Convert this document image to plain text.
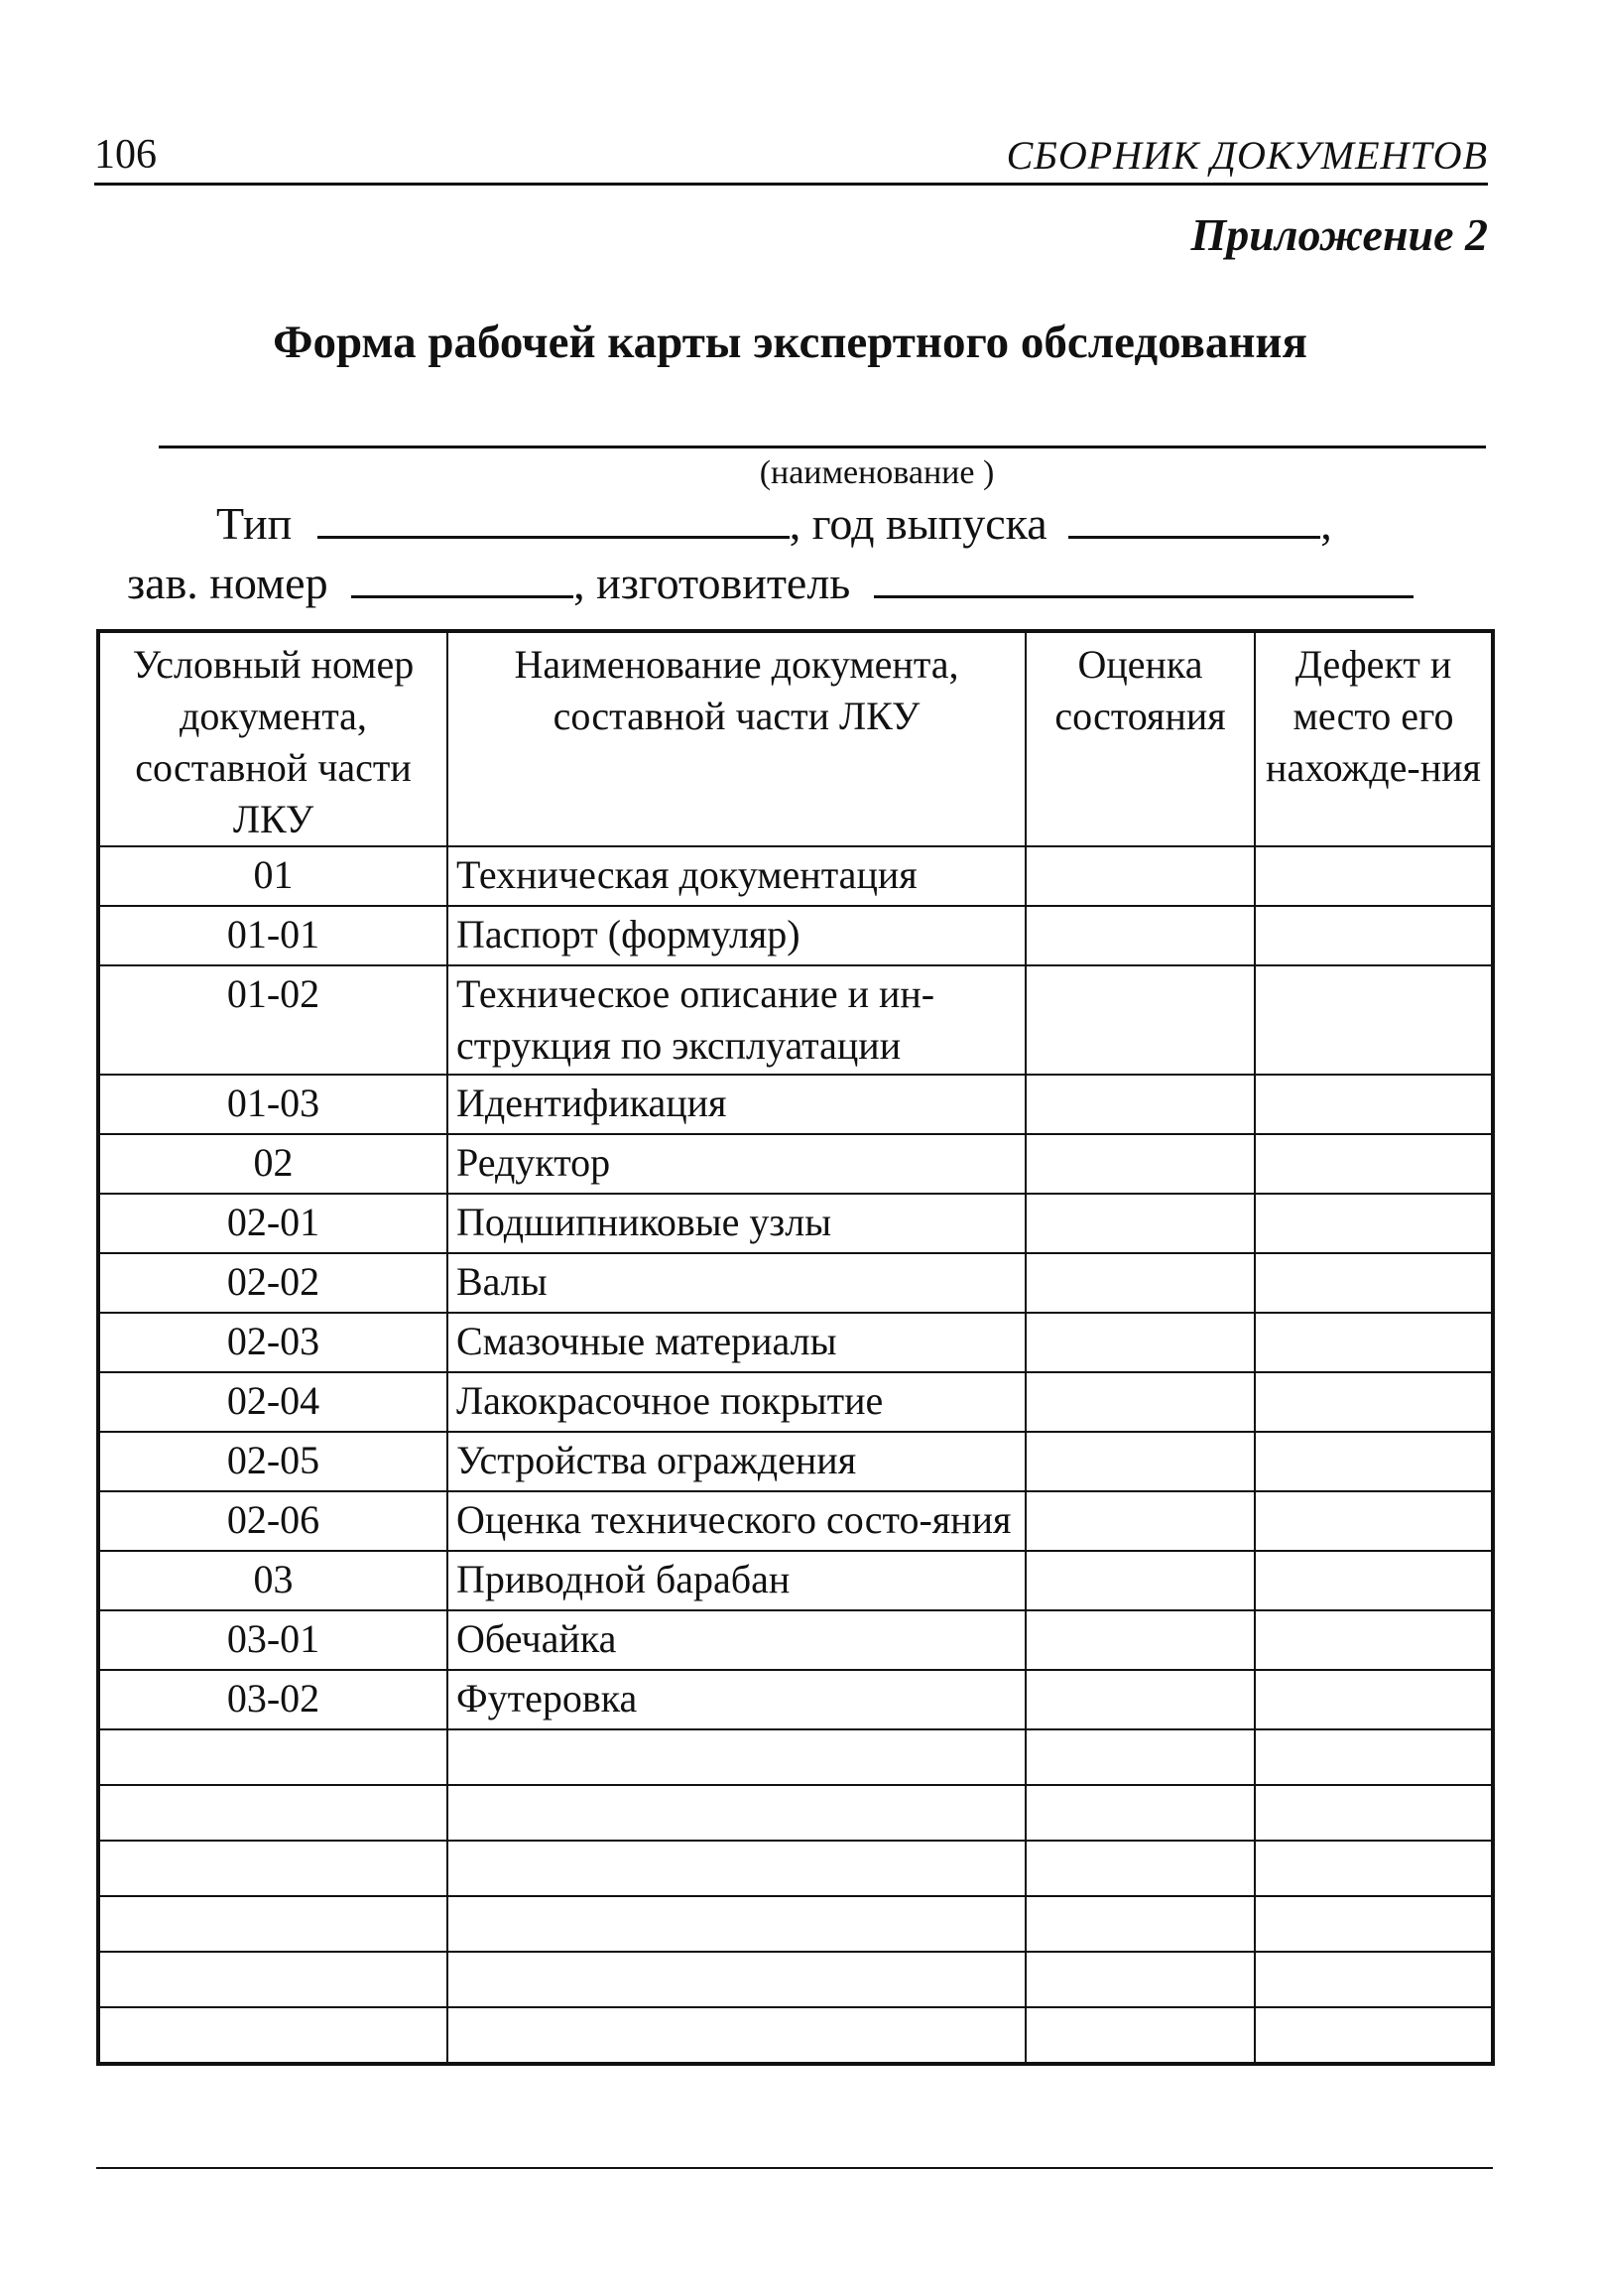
106	СБОРНИК ДОКУМЕНТОВ
Приложение 2
Форма рабочей карты экспертного обследования
(наименование )
Тип	, год выпуска	,
зав. номер	, изготовитель
Условный номер документа, составной части ЛКУ	Наименование документа, составной части ЛКУ	Оценка состояния	Дефект и место его нахожде-ния
01	Техническая документация		
01-01	Паспорт (формуляр)		
01-02	Техническое описание и ин-струкция по эксплуатации		
01-03	Идентификация		
02	Редуктор		
02-01	Подшипниковые узлы		
02-02	Валы		
02-03	Смазочные материалы		
02-04	Лакокрасочное покрытие		
02-05	Устройства ограждения		
02-06	Оценка технического состо-яния		
03	Приводной барабан		
03-01	Обечайка		
03-02	Футеровка		
